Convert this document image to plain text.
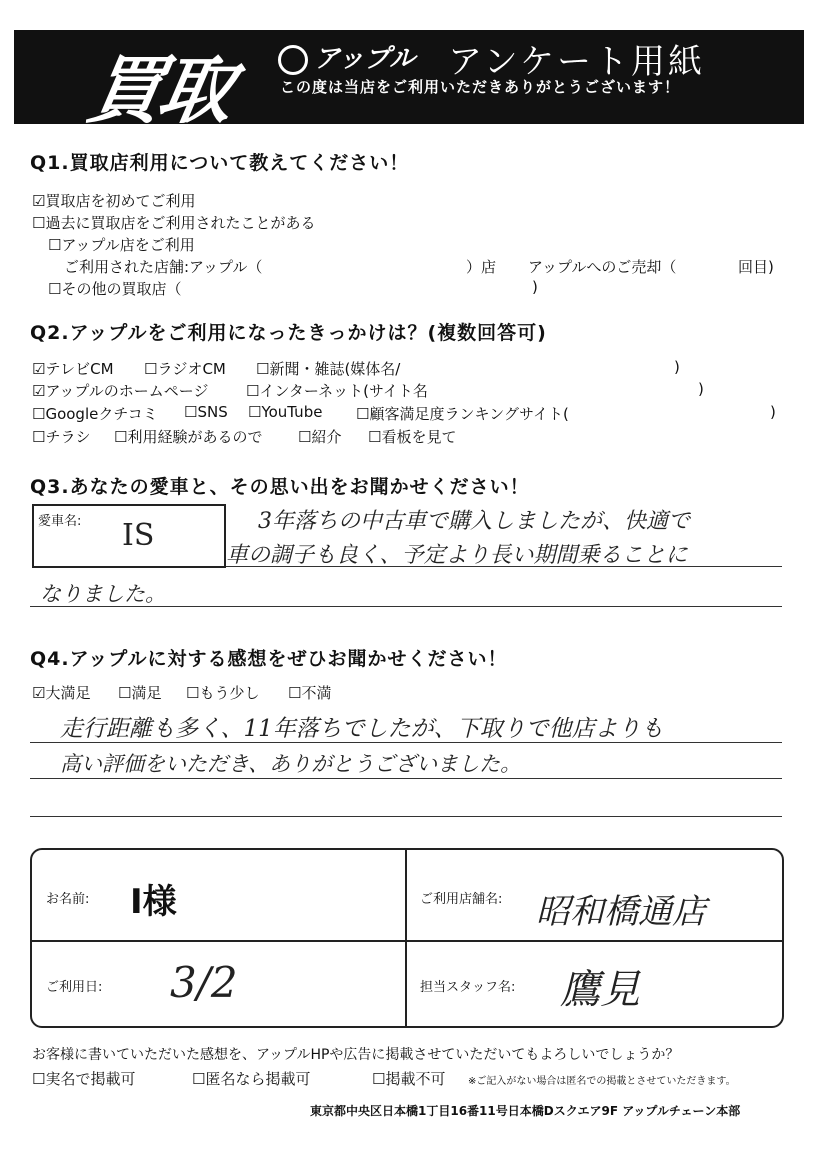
買取	アップル アンケート用紙
この度は当店をご利用いただきありがとうございます！
Q1.買取店利用について教えてください！
☑買取店を初めてご利用
☐過去に買取店をご利用されたことがある
☐アップル店をご利用
ご利用された店舗:アップル（	）店 アップルへのご売却（	回目)
☐その他の買取店（	)
Q2.アップルをご利用になったきっかけは？(複数回答可)
☑テレビCM ☐ラジオCM ☐新聞・雑誌(媒体名/	)
☑アップルのホームページ	☐インターネット(サイト名	)
☐Googleクチコミ ☐SNS ☐YouTube ☐顧客満足度ランキングサイト(	)
☐チラシ ☐利用経験があるので ☐紹介 ☐看板を見て
Q3.あなたの愛車と、その思い出をお聞かせください！
愛車名: IS	3年落ちの中古車で購入しましたが、快適で
車の調子も良く、予定より長い期間乗ることに
なりました。
Q4.アップルに対する感想をぜひお聞かせください！
☑大満足 ☐満足 ☐もう少し ☐不満
走行距離も多く、11年落ちでしたが、下取りで他店よりも
高い評価をいただき、ありがとうございました。
お名前: I様	ご利用店舗名: 昭和橋通店
ご利用日: 3/2	担当スタッフ名: 鷹見
お客様に書いていただいた感想を、アップルHPや広告に掲載させていただいてもよろしいでしょうか？
☐実名で掲載可	☐匿名なら掲載可	☐掲載不可 ※ご記入がない場合は匿名での掲載とさせていただきます。
東京都中央区日本橋1丁目16番11号日本橋Dスクエア9F アップルチェーン本部
